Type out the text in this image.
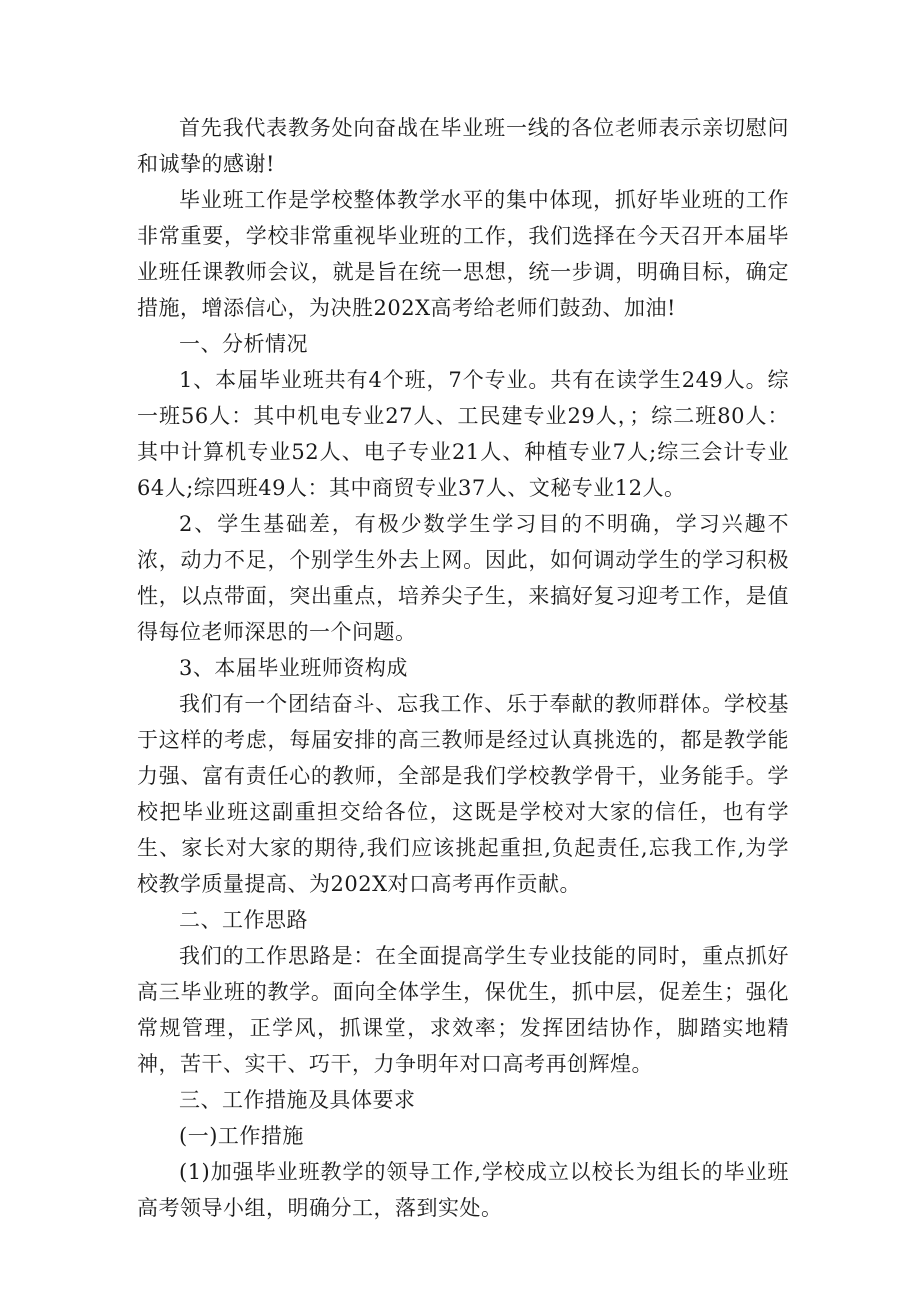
首先我代表教务处向奋战在毕业班一线的各位老师表示亲切慰问和诚挚的感谢!

毕业班工作是学校整体教学水平的集中体现，抓好毕业班的工作非常重要，学校非常重视毕业班的工作，我们选择在今天召开本届毕业班任课教师会议，就是旨在统一思想，统一步调，明确目标，确定措施，增添信心，为决胜202X高考给老师们鼓劲、加油!

一、分析情况

1、本届毕业班共有4个班，7个专业。共有在读学生249人。综一班56人：其中机电专业27人、工民建专业29人，；综二班80人：其中计算机专业52人、电子专业21人、种植专业7人;综三会计专业64人;综四班49人：其中商贸专业37人、文秘专业12人。

2、学生基础差，有极少数学生学习目的不明确，学习兴趣不浓，动力不足，个别学生外去上网。因此，如何调动学生的学习积极性，以点带面，突出重点，培养尖子生，来搞好复习迎考工作，是值得每位老师深思的一个问题。

3、本届毕业班师资构成

我们有一个团结奋斗、忘我工作、乐于奉献的教师群体。学校基于这样的考虑，每届安排的高三教师是经过认真挑选的，都是教学能力强、富有责任心的教师，全部是我们学校教学骨干，业务能手。学校把毕业班这副重担交给各位，这既是学校对大家的信任，也有学生、家长对大家的期待,我们应该挑起重担,负起责任,忘我工作,为学校教学质量提高、为202X对口高考再作贡献。

二、工作思路

我们的工作思路是：在全面提高学生专业技能的同时，重点抓好高三毕业班的教学。面向全体学生，保优生，抓中层，促差生；强化常规管理，正学风，抓课堂，求效率；发挥团结协作，脚踏实地精神，苦干、实干、巧干，力争明年对口高考再创辉煌。

三、工作措施及具体要求

(一)工作措施

(1)加强毕业班教学的领导工作,学校成立以校长为组长的毕业班高考领导小组，明确分工，落到实处。
